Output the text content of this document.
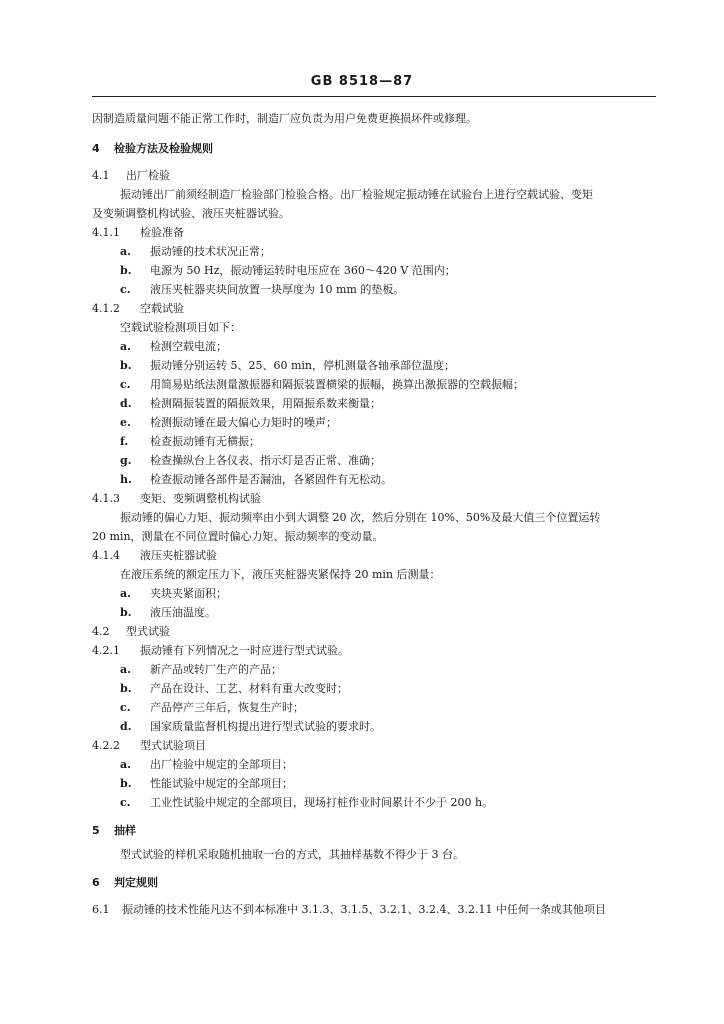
GB 8518—87
因制造质量问题不能正常工作时，制造厂应负责为用户免费更换损坏件或修理。
4 检验方法及检验规则
4.1 出厂检验
振动锤出厂前须经制造厂检验部门检验合格。出厂检验规定振动锤在试验台上进行空载试验、变矩
及变频调整机构试验、液压夹桩器试验。
4.1.1 检验准备
a. 振动锤的技术状况正常；
b. 电源为 50 Hz，振动锤运转时电压应在 360～420 V 范围内；
c. 液压夹桩器夹块间放置一块厚度为 10 mm 的垫板。
4.1.2 空载试验
空载试验检测项目如下：
a. 检测空载电流；
b. 振动锤分别运转 5、25、60 min，停机测量各轴承部位温度；
c. 用简易贴纸法测量激振器和隔振装置横梁的振幅，换算出激振器的空载振幅；
d. 检测隔振装置的隔振效果，用隔振系数来衡量；
e. 检测振动锤在最大偏心力矩时的噪声；
f. 检查振动锤有无横振；
g. 检查操纵台上各仪表、指示灯是否正常、准确；
h. 检查振动锤各部件是否漏油，各紧固件有无松动。
4.1.3 变矩、变频调整机构试验
振动锤的偏心力矩、振动频率由小到大调整 20 次，然后分别在 10%、50%及最大值三个位置运转
20 min，测量在不同位置时偏心力矩、振动频率的变动量。
4.1.4 液压夹桩器试验
在液压系统的额定压力下，液压夹桩器夹紧保持 20 min 后测量：
a. 夹块夹紧面积；
b. 液压油温度。
4.2 型式试验
4.2.1 振动锤有下列情况之一时应进行型式试验。
a. 新产品或转厂生产的产品；
b. 产品在设计、工艺、材料有重大改变时；
c. 产品停产三年后，恢复生产时；
d. 国家质量监督机构提出进行型式试验的要求时。
4.2.2 型式试验项目
a. 出厂检验中规定的全部项目；
b. 性能试验中规定的全部项目；
c. 工业性试验中规定的全部项目，现场打桩作业时间累计不少于 200 h。
5 抽样
型式试验的样机采取随机抽取一台的方式，其抽样基数不得少于 3 台。
6 判定规则
6.1 振动锤的技术性能凡达不到本标准中 3.1.3、3.1.5、3.2.1、3.2.4、3.2.11 中任何一条或其他项目
